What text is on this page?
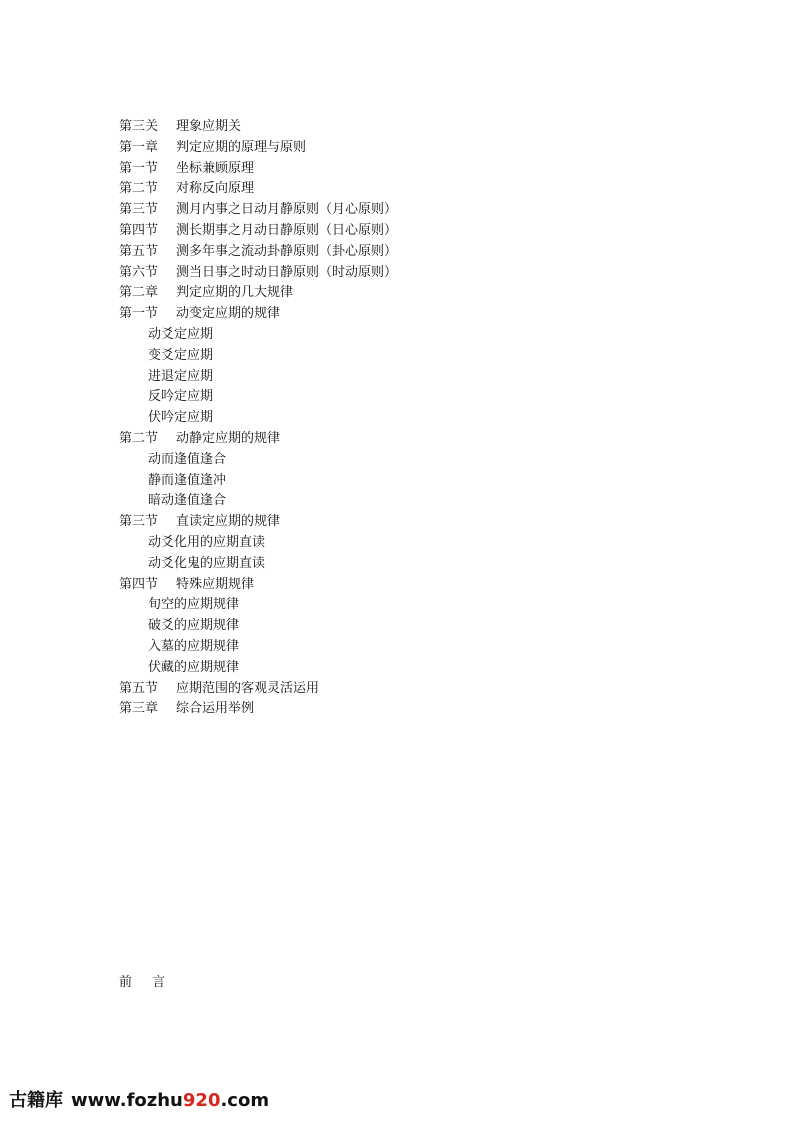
第三关 理象应期关
第一章 判定应期的原理与原则
第一节 坐标兼顾原理
第二节 对称反向原理
第三节 测月内事之日动月静原则（月心原则）
第四节 测长期事之月动日静原则（日心原则）
第五节 测多年事之流动卦静原则（卦心原则）
第六节 测当日事之时动日静原则（时动原则）
第二章 判定应期的几大规律
第一节 动变定应期的规律
动爻定应期
变爻定应期
进退定应期
反吟定应期
伏吟定应期
第二节 动静定应期的规律
动而逢值逢合
静而逢值逢冲
暗动逢值逢合
第三节 直读定应期的规律
动爻化用的应期直读
动爻化鬼的应期直读
第四节 特殊应期规律
旬空的应期规律
破爻的应期规律
入墓的应期规律
伏藏的应期规律
第五节 应期范围的客观灵活运用
第三章 综合运用举例
前 言
古籍库 www.fozhu920.com
